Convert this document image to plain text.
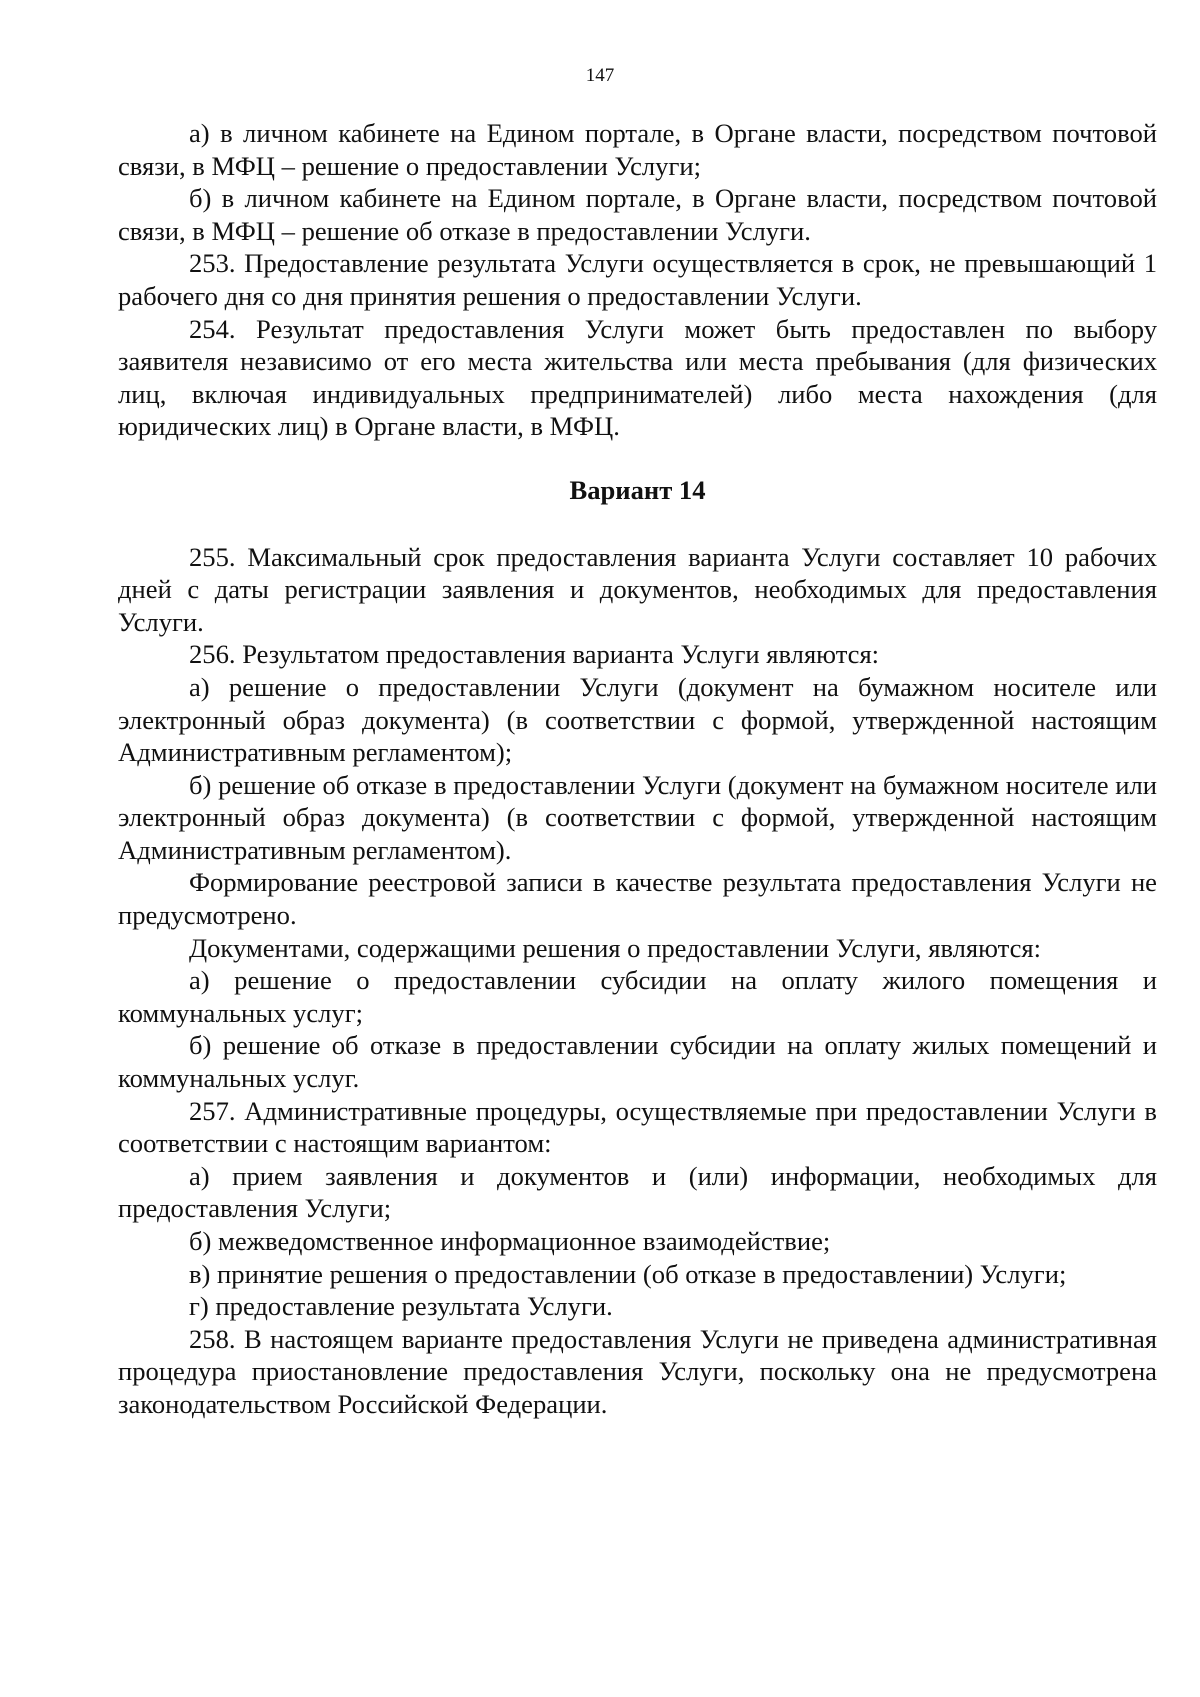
147

а) в личном кабинете на Едином портале, в Органе власти, посредством почтовой связи, в МФЦ – решение о предоставлении Услуги;

б) в личном кабинете на Едином портале, в Органе власти, посредством почтовой связи, в МФЦ – решение об отказе в предоставлении Услуги.

253. Предоставление результата Услуги осуществляется в срок, не превышающий 1 рабочего дня со дня принятия решения о предоставлении Услуги.

254. Результат предоставления Услуги может быть предоставлен по выбору заявителя независимо от его места жительства или места пребывания (для физических лиц, включая индивидуальных предпринимателей) либо места нахождения (для юридических лиц) в Органе власти, в МФЦ.

Вариант 14

255. Максимальный срок предоставления варианта Услуги составляет 10 рабочих дней с даты регистрации заявления и документов, необходимых для предоставления Услуги.

256. Результатом предоставления варианта Услуги являются:

а) решение о предоставлении Услуги (документ на бумажном носителе или электронный образ документа) (в соответствии с формой, утвержденной настоящим Административным регламентом);

б) решение об отказе в предоставлении Услуги (документ на бумажном носителе или электронный образ документа) (в соответствии с формой, утвержденной настоящим Административным регламентом).

Формирование реестровой записи в качестве результата предоставления Услуги не предусмотрено.

Документами, содержащими решения о предоставлении Услуги, являются:

а) решение о предоставлении субсидии на оплату жилого помещения и коммунальных услуг;

б) решение об отказе в предоставлении субсидии на оплату жилых помещений и коммунальных услуг.

257. Административные процедуры, осуществляемые при предоставлении Услуги в соответствии с настоящим вариантом:

а) прием заявления и документов и (или) информации, необходимых для предоставления Услуги;

б) межведомственное информационное взаимодействие;

в) принятие решения о предоставлении (об отказе в предоставлении) Услуги;

г) предоставление результата Услуги.

258. В настоящем варианте предоставления Услуги не приведена административная процедура приостановление предоставления Услуги, поскольку она не предусмотрена законодательством Российской Федерации.
